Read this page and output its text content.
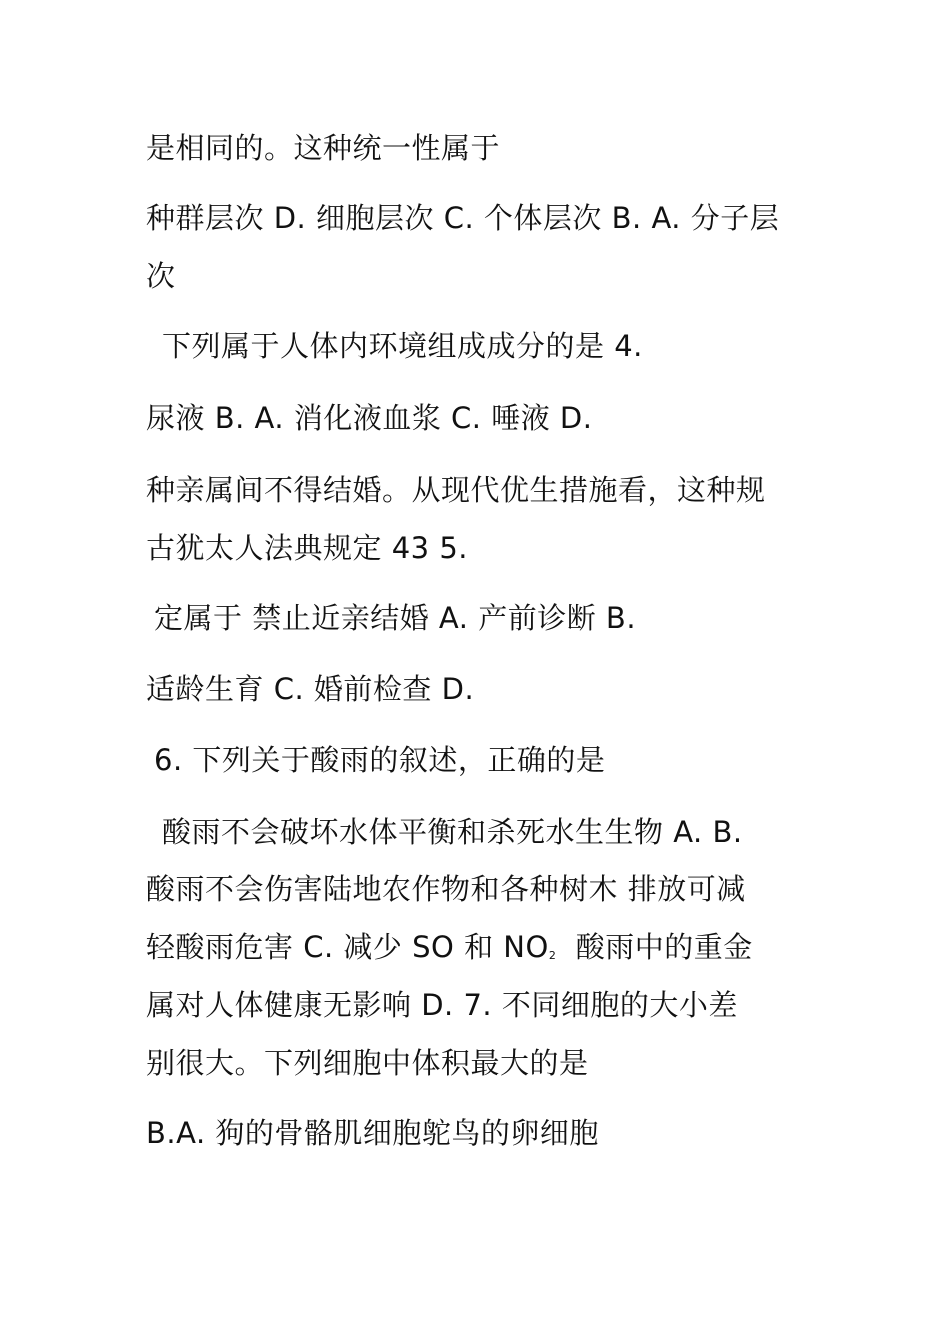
是相同的。这种统一性属于
种群层次 D. 细胞层次 C. 个体层次 B. A. 分子层
次
下列属于人体内环境组成成分的是 4.
尿液 B. A. 消化液血浆 C. 唾液 D.
种亲属间不得结婚。从现代优生措施看，这种规
古犹太人法典规定 43 5.
定属于 禁止近亲结婚 A. 产前诊断 B.
适龄生育 C. 婚前检查 D.
6. 下列关于酸雨的叙述，正确的是
酸雨不会破坏水体平衡和杀死水生生物 A. B.
酸雨不会伤害陆地农作物和各种树木 排放可减
轻酸雨危害 C. 减少 SO 和 NO2  酸雨中的重金
属对人体健康无影响 D. 7. 不同细胞的大小差
别很大。下列细胞中体积最大的是
B.A. 狗的骨骼肌细胞鸵鸟的卵细胞
